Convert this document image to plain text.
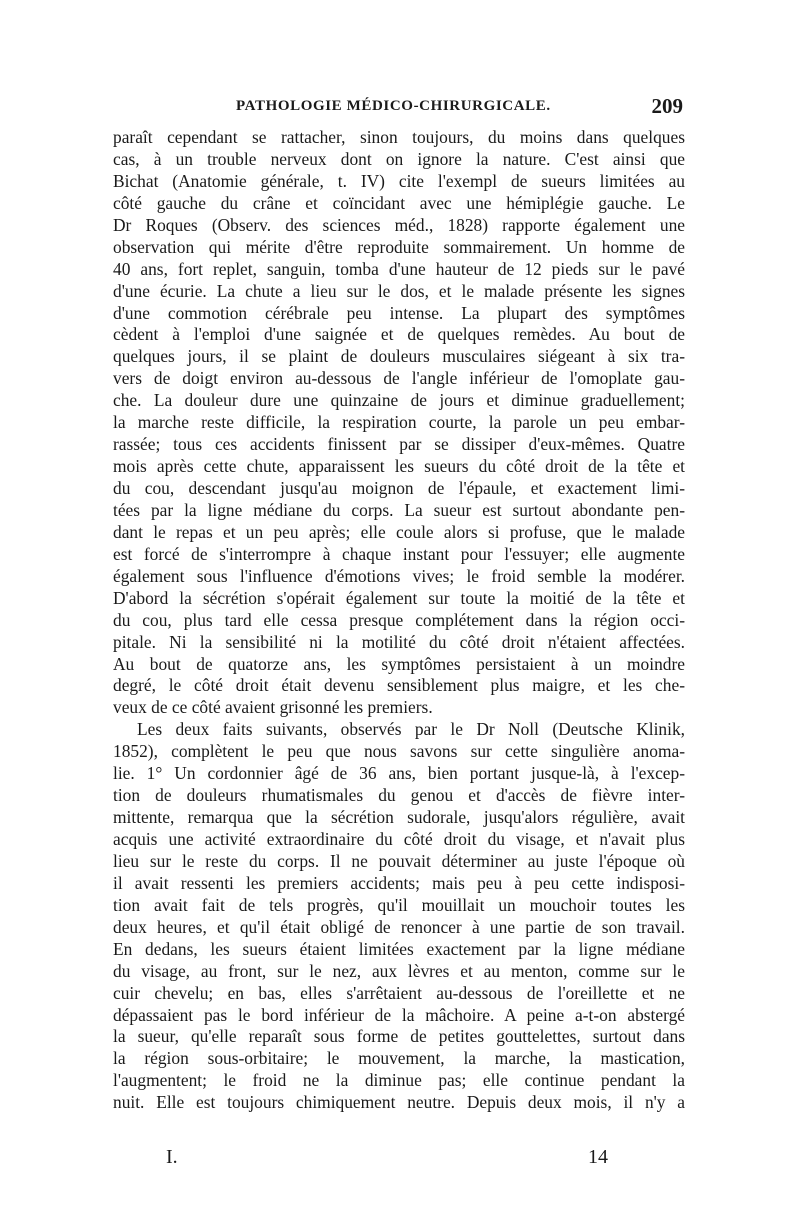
PATHOLOGIE MÉDICO-CHIRURGICALE.	209
paraît cependant se rattacher, sinon toujours, du moins dans quelques
cas, à un trouble nerveux dont on ignore la nature. C'est ainsi que
Bichat (Anatomie générale, t. IV) cite l'exempl de sueurs limitées au
côté gauche du crâne et coïncidant avec une hémiplégie gauche. Le
Dr Roques (Observ. des sciences méd., 1828) rapporte également une
observation qui mérite d'être reproduite sommairement. Un homme de
40 ans, fort replet, sanguin, tomba d'une hauteur de 12 pieds sur le pavé
d'une écurie. La chute a lieu sur le dos, et le malade présente les signes
d'une commotion cérébrale peu intense. La plupart des symptômes
cèdent à l'emploi d'une saignée et de quelques remèdes. Au bout de
quelques jours, il se plaint de douleurs musculaires siégeant à six tra-
vers de doigt environ au-dessous de l'angle inférieur de l'omoplate gau-
che. La douleur dure une quinzaine de jours et diminue graduellement;
la marche reste difficile, la respiration courte, la parole un peu embar-
rassée; tous ces accidents finissent par se dissiper d'eux-mêmes. Quatre
mois après cette chute, apparaissent les sueurs du côté droit de la tête et
du cou, descendant jusqu'au moignon de l'épaule, et exactement limi-
tées par la ligne médiane du corps. La sueur est surtout abondante pen-
dant le repas et un peu après; elle coule alors si profuse, que le malade
est forcé de s'interrompre à chaque instant pour l'essuyer; elle augmente
également sous l'influence d'émotions vives; le froid semble la modérer.
D'abord la sécrétion s'opérait également sur toute la moitié de la tête et
du cou, plus tard elle cessa presque complétement dans la région occi-
pitale. Ni la sensibilité ni la motilité du côté droit n'étaient affectées.
Au bout de quatorze ans, les symptômes persistaient à un moindre
degré, le côté droit était devenu sensiblement plus maigre, et les che-
veux de ce côté avaient grisonné les premiers.
Les deux faits suivants, observés par le Dr Noll (Deutsche Klinik,
1852), complètent le peu que nous savons sur cette singulière anoma-
lie. 1° Un cordonnier âgé de 36 ans, bien portant jusque-là, à l'excep-
tion de douleurs rhumatismales du genou et d'accès de fièvre inter-
mittente, remarqua que la sécrétion sudorale, jusqu'alors régulière, avait
acquis une activité extraordinaire du côté droit du visage, et n'avait plus
lieu sur le reste du corps. Il ne pouvait déterminer au juste l'époque où
il avait ressenti les premiers accidents; mais peu à peu cette indisposi-
tion avait fait de tels progrès, qu'il mouillait un mouchoir toutes les
deux heures, et qu'il était obligé de renoncer à une partie de son travail.
En dedans, les sueurs étaient limitées exactement par la ligne médiane
du visage, au front, sur le nez, aux lèvres et au menton, comme sur le
cuir chevelu; en bas, elles s'arrêtaient au-dessous de l'oreillette et ne
dépassaient pas le bord inférieur de la mâchoire. A peine a-t-on abstergé
la sueur, qu'elle reparaît sous forme de petites gouttelettes, surtout dans
la région sous-orbitaire; le mouvement, la marche, la mastication,
l'augmentent; le froid ne la diminue pas; elle continue pendant la
nuit. Elle est toujours chimiquement neutre. Depuis deux mois, il n'y a
I.	14
